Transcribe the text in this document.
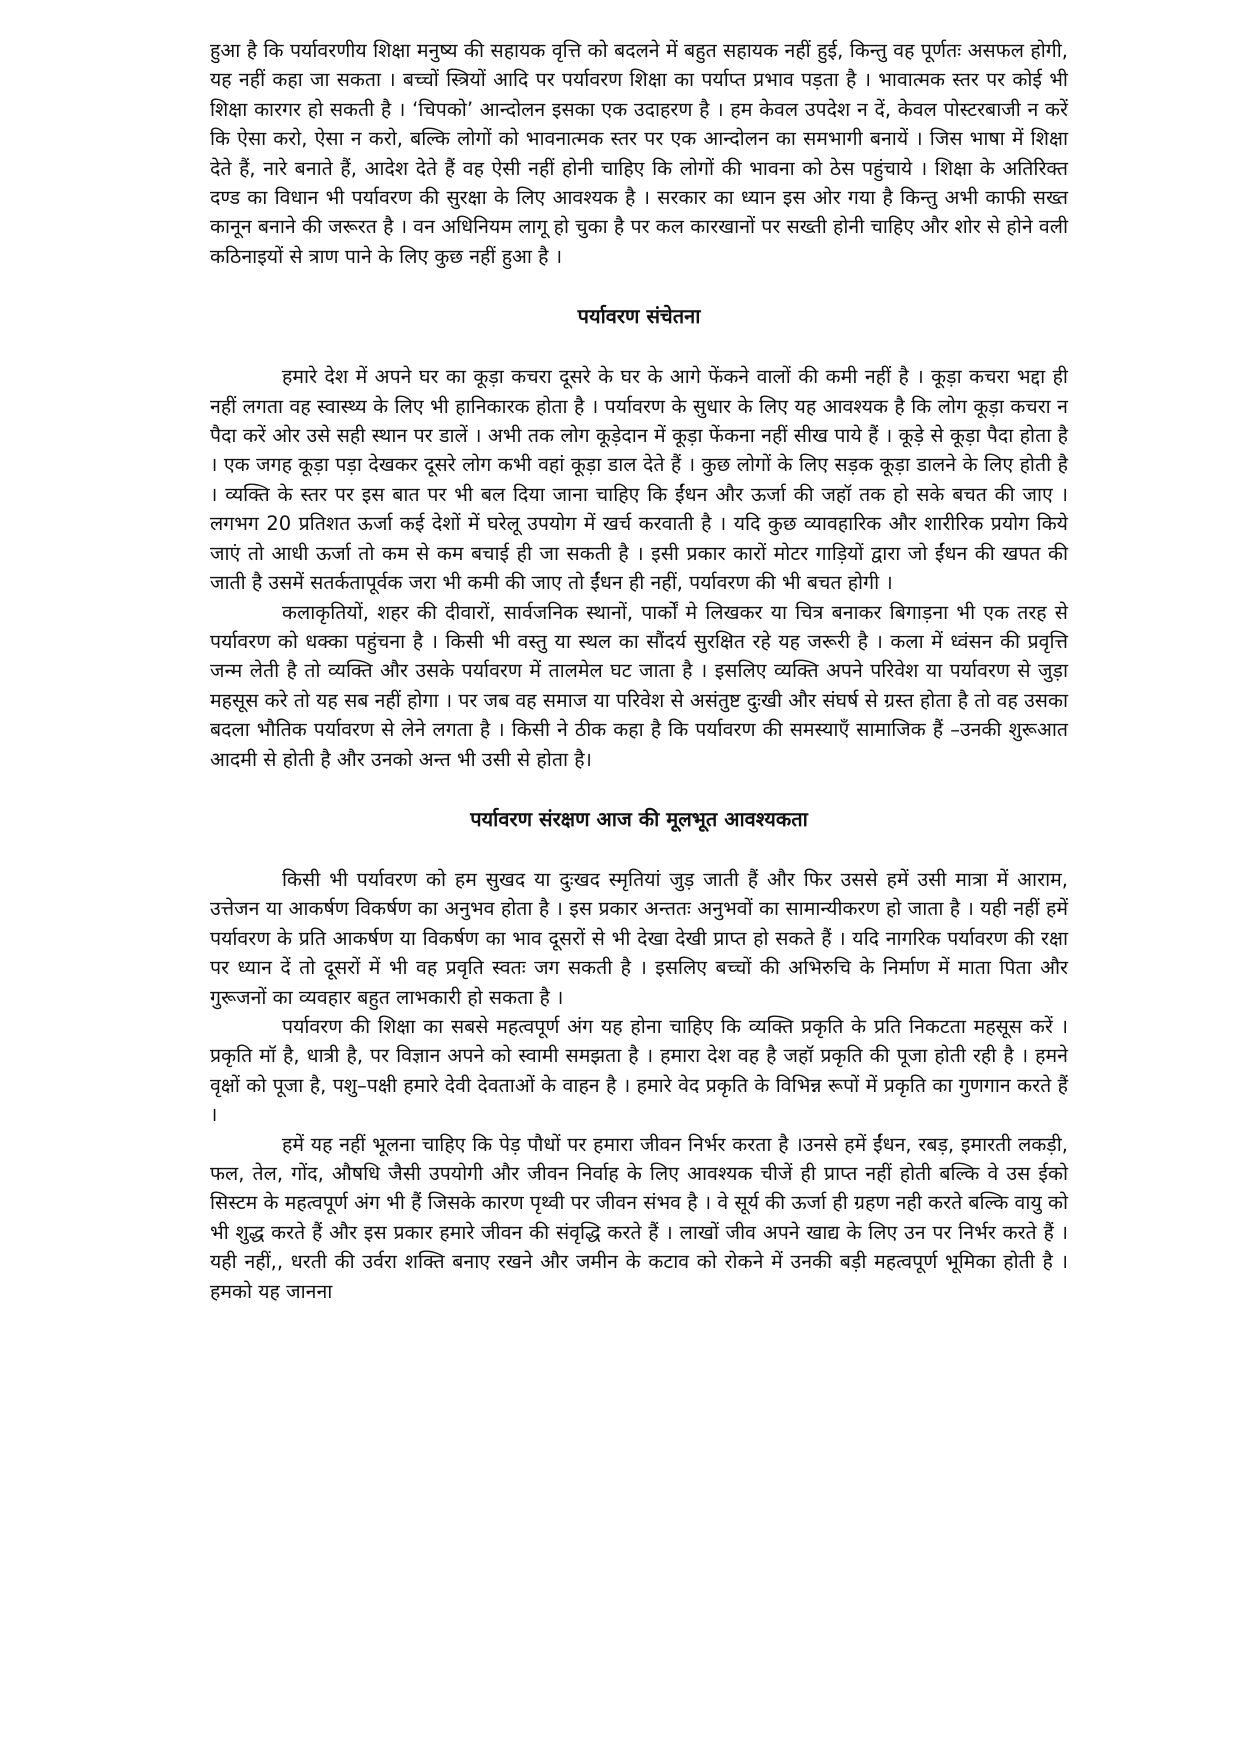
हुआ है कि पर्यावरणीय शिक्षा मनुष्य की सहायक वृत्ति को बदलने में बहुत सहायक नहीं हुई, किन्तु वह पूर्णतः असफल होगी, यह नहीं कहा जा सकता । बच्चों स्त्रियों आदि पर पर्यावरण शिक्षा का पर्याप्त प्रभाव पड़ता है । भावात्मक स्तर पर कोई भी शिक्षा कारगर हो सकती है । ‘चिपको’ आन्दोलन इसका एक उदाहरण है । हम केवल उपदेश न दें, केवल पोस्टरबाजी न करें कि ऐसा करो, ऐसा न करो, बल्कि लोगों को भावनात्मक स्तर पर एक आन्दोलन का समभागी बनायें । जिस भाषा में शिक्षा देते हैं, नारे बनाते हैं, आदेश देते हैं वह ऐसी नहीं होनी चाहिए कि लोगों की भावना को ठेस पहुंचाये । शिक्षा के अतिरिक्त दण्ड का विधान भी पर्यावरण की सुरक्षा के लिए आवश्यक है । सरकार का ध्यान इस ओर गया है किन्तु अभी काफी सख्त कानून बनाने की जरूरत है । वन अधिनियम लागू हो चुका है पर कल कारखानों पर सख्ती होनी चाहिए और शोर से होने वली कठिनाइयों से त्राण पाने के लिए कुछ नहीं हुआ है ।

पर्यावरण संचेतना

हमारे देश में अपने घर का कूड़ा कचरा दूसरे के घर के आगे फेंकने वालों की कमी नहीं है । कूड़ा कचरा भद्दा ही नहीं लगता वह स्वास्थ्य के लिए भी हानिकारक होता है । पर्यावरण के सुधार के लिए यह आवश्यक है कि लोग कूड़ा कचरा न पैदा करें ओर उसे सही स्थान पर डालें । अभी तक लोग कूड़ेदान में कूड़ा फेंकना नहीं सीख पाये हैं । कूड़े से कूड़ा पैदा होता है । एक जगह कूड़ा पड़ा देखकर दूसरे लोग कभी वहां कूड़ा डाल देते हैं । कुछ लोगों के लिए सड़क कूड़ा डालने के लिए होती है । व्यक्ति के स्तर पर इस बात पर भी बल दिया जाना चाहिए कि ईंधन और ऊर्जा की जहॉ तक हो सके बचत की जाए । लगभग 20 प्रतिशत ऊर्जा कई देशों में घरेलू उपयोग में खर्च करवाती है । यदि कुछ व्यावहारिक और शारीरिक प्रयोग किये जाएं तो आधी ऊर्जा तो कम से कम बचाई ही जा सकती है । इसी प्रकार कारों मोटर गाड़ियों द्वारा जो ईंधन की खपत की जाती है उसमें सतर्कतापूर्वक जरा भी कमी की जाए तो ईंधन ही नहीं, पर्यावरण की भी बचत होगी ।

कलाकृतियों, शहर की दीवारों, सार्वजनिक स्थानों, पार्कों मे लिखकर या चित्र बनाकर बिगाड़ना भी एक तरह से पर्यावरण को धक्का पहुंचना है । किसी भी वस्तु या स्थल का सौंदर्य सुरक्षित रहे यह जरूरी है । कला में ध्वंसन की प्रवृत्ति जन्म लेती है तो व्यक्ति और उसके पर्यावरण में तालमेल घट जाता है । इसलिए व्यक्ति अपने परिवेश या पर्यावरण से जुड़ा महसूस करे तो यह सब नहीं होगा । पर जब वह समाज या परिवेश से असंतुष्ट दुःखी और संघर्ष से ग्रस्त होता है तो वह उसका बदला भौतिक पर्यावरण से लेने लगता है । किसी ने ठीक कहा है कि पर्यावरण की समस्याऍं सामाजिक हैं –उनकी शुरूआत आदमी से होती है और उनको अन्त भी उसी से होता है।

पर्यावरण संरक्षण आज की मूलभूत आवश्यकता

किसी भी पर्यावरण को हम सुखद या दुःखद स्मृतियां जुड़ जाती हैं और फिर उससे हमें उसी मात्रा में आराम, उत्तेजन या आकर्षण विकर्षण का अनुभव होता है । इस प्रकार अन्ततः अनुभवों का सामान्यीकरण हो जाता है । यही नहीं हमें पर्यावरण के प्रति आकर्षण या विकर्षण का भाव दूसरों से भी देखा देखी प्राप्त हो सकते हैं । यदि नागरिक पर्यावरण की रक्षा पर ध्यान दें तो दूसरों में भी वह प्रवृति स्वतः जग सकती है । इसलिए बच्चों की अभिरुचि के निर्माण में माता पिता और गुरूजनों का व्यवहार बहुत लाभकारी हो सकता है ।

पर्यावरण की शिक्षा का सबसे महत्वपूर्ण अंग यह होना चाहिए कि व्यक्ति प्रकृति के प्रति निकटता महसूस करें । प्रकृति मॉ है, धात्री है, पर विज्ञान अपने को स्वामी समझता है । हमारा देश वह है जहॉ प्रकृति की पूजा होती रही है । हमने वृक्षों को पूजा है, पशु–पक्षी हमारे देवी देवताओं के वाहन है । हमारे वेद प्रकृति के विभिन्न रूपों में प्रकृति का गुणगान करते हैं ।

हमें यह नहीं भूलना चाहिए कि पेड़ पौधों पर हमारा जीवन निर्भर करता है ।उनसे हमें ईंधन, रबड़, इमारती लकड़ी, फल, तेल, गोंद, औषधि जैसी उपयोगी और जीवन निर्वाह के लिए आवश्यक चीजें ही प्राप्त नहीं होती बल्कि वे उस ईको सिस्टम के महत्वपूर्ण अंग भी हैं जिसके कारण पृथ्वी पर जीवन संभव है । वे सूर्य की ऊर्जा ही ग्रहण नही करते बल्कि वायु को भी शुद्ध करते हैं और इस प्रकार हमारे जीवन की संवृद्धि करते हैं । लाखों जीव अपने खाद्य के लिए उन पर निर्भर करते हैं । यही नहीं,, धरती की उर्वरा शक्ति बनाए रखने और जमीन के कटाव को रोकने में उनकी बड़ी महत्वपूर्ण भूमिका होती है । हमको यह जानना
